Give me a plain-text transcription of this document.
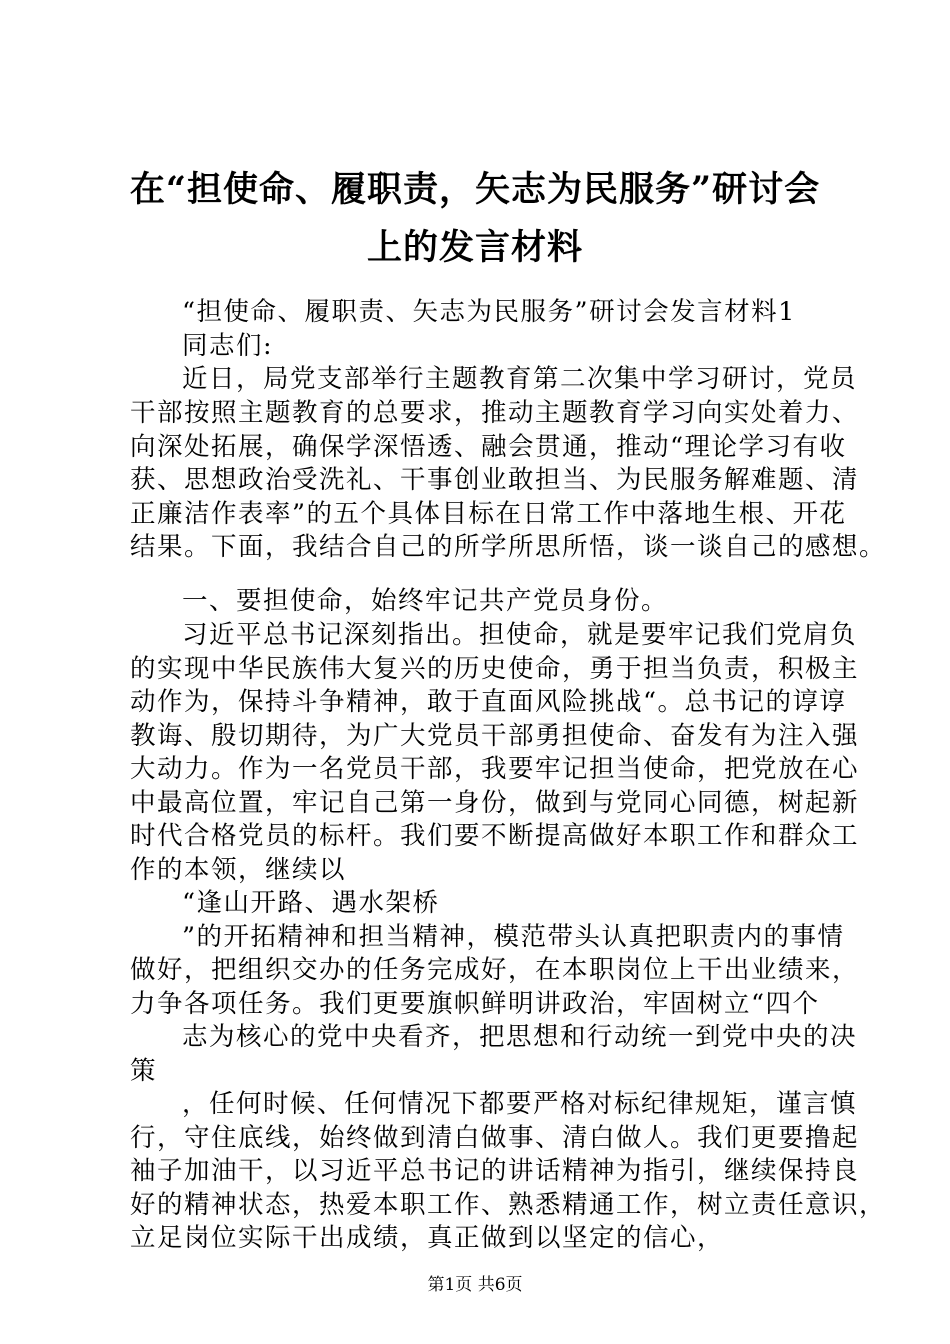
在“担使命、履职责，矢志为民服务”研讨会
上的发言材料
“担使命、履职责、矢志为民服务”研讨会发言材料1
同志们:
近日，局党支部举行主题教育第二次集中学习研讨，党员
干部按照主题教育的总要求，推动主题教育学习向实处着力、
向深处拓展，确保学深悟透、融会贯通，推动“理论学习有收
获、思想政治受洗礼、干事创业敢担当、为民服务解难题、清
正廉洁作表率”的五个具体目标在日常工作中落地生根、开花
结果。下面，我结合自己的所学所思所悟，谈一谈自己的感想。
一、要担使命，始终牢记共产党员身份。
习近平总书记深刻指出。担使命，就是要牢记我们党肩负
的实现中华民族伟大复兴的历史使命，勇于担当负责，积极主
动作为，保持斗争精神，敢于直面风险挑战“。总书记的谆谆
教诲、殷切期待，为广大党员干部勇担使命、奋发有为注入强
大动力。作为一名党员干部，我要牢记担当使命，把党放在心
中最高位置，牢记自己第一身份，做到与党同心同德，树起新
时代合格党员的标杆。我们要不断提高做好本职工作和群众工
作的本领，继续以
“逢山开路、遇水架桥
”的开拓精神和担当精神，模范带头认真把职责内的事情
做好，把组织交办的任务完成好，在本职岗位上干出业绩来，
力争各项任务。我们更要旗帜鲜明讲政治，牢固树立“四个
志为核心的党中央看齐，把思想和行动统一到党中央的决
策
，任何时候、任何情况下都要严格对标纪律规矩，谨言慎
行，守住底线，始终做到清白做事、清白做人。我们更要撸起
袖子加油干，以习近平总书记的讲话精神为指引，继续保持良
好的精神状态，热爱本职工作、熟悉精通工作，树立责任意识，
立足岗位实际干出成绩，真正做到以坚定的信心，
第1页 共6页
